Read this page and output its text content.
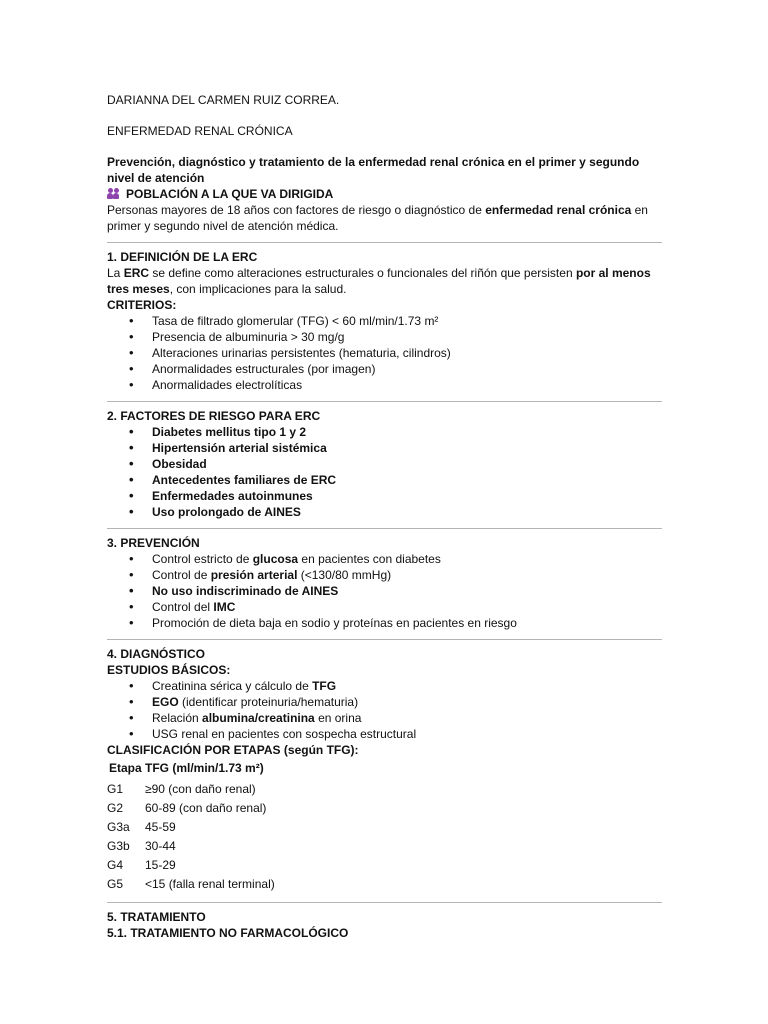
DARIANNA DEL CARMEN RUIZ CORREA.
ENFERMEDAD RENAL CRÓNICA
Prevención, diagnóstico y tratamiento de la enfermedad renal crónica en el primer y segundo nivel de atención
POBLACIÓN A LA QUE VA DIRIGIDA
Personas mayores de 18 años con factores de riesgo o diagnóstico de enfermedad renal crónica en primer y segundo nivel de atención médica.
1. DEFINICIÓN DE LA ERC
La ERC se define como alteraciones estructurales o funcionales del riñón que persisten por al menos tres meses, con implicaciones para la salud.
CRITERIOS:
• Tasa de filtrado glomerular (TFG) < 60 ml/min/1.73 m²
• Presencia de albuminuria > 30 mg/g
• Alteraciones urinarias persistentes (hematuria, cilindros)
• Anormalidades estructurales (por imagen)
• Anormalidades electrolíticas
2. FACTORES DE RIESGO PARA ERC
• Diabetes mellitus tipo 1 y 2
• Hipertensión arterial sistémica
• Obesidad
• Antecedentes familiares de ERC
• Enfermedades autoinmunes
• Uso prolongado de AINES
3. PREVENCIÓN
• Control estricto de glucosa en pacientes con diabetes
• Control de presión arterial (<130/80 mmHg)
• No uso indiscriminado de AINES
• Control del IMC
• Promoción de dieta baja en sodio y proteínas en pacientes en riesgo
4. DIAGNÓSTICO
ESTUDIOS BÁSICOS:
• Creatinina sérica y cálculo de TFG
• EGO (identificar proteinuria/hematuria)
• Relación albumina/creatinina en orina
• USG renal en pacientes con sospecha estructural
CLASIFICACIÓN POR ETAPAS (según TFG):
Etapa TFG (ml/min/1.73 m²)
G1	≥90 (con daño renal)
G2	60-89 (con daño renal)
G3a	45-59
G3b	30-44
G4	15-29
G5	<15 (falla renal terminal)
5. TRATAMIENTO
5.1. TRATAMIENTO NO FARMACOLÓGICO
